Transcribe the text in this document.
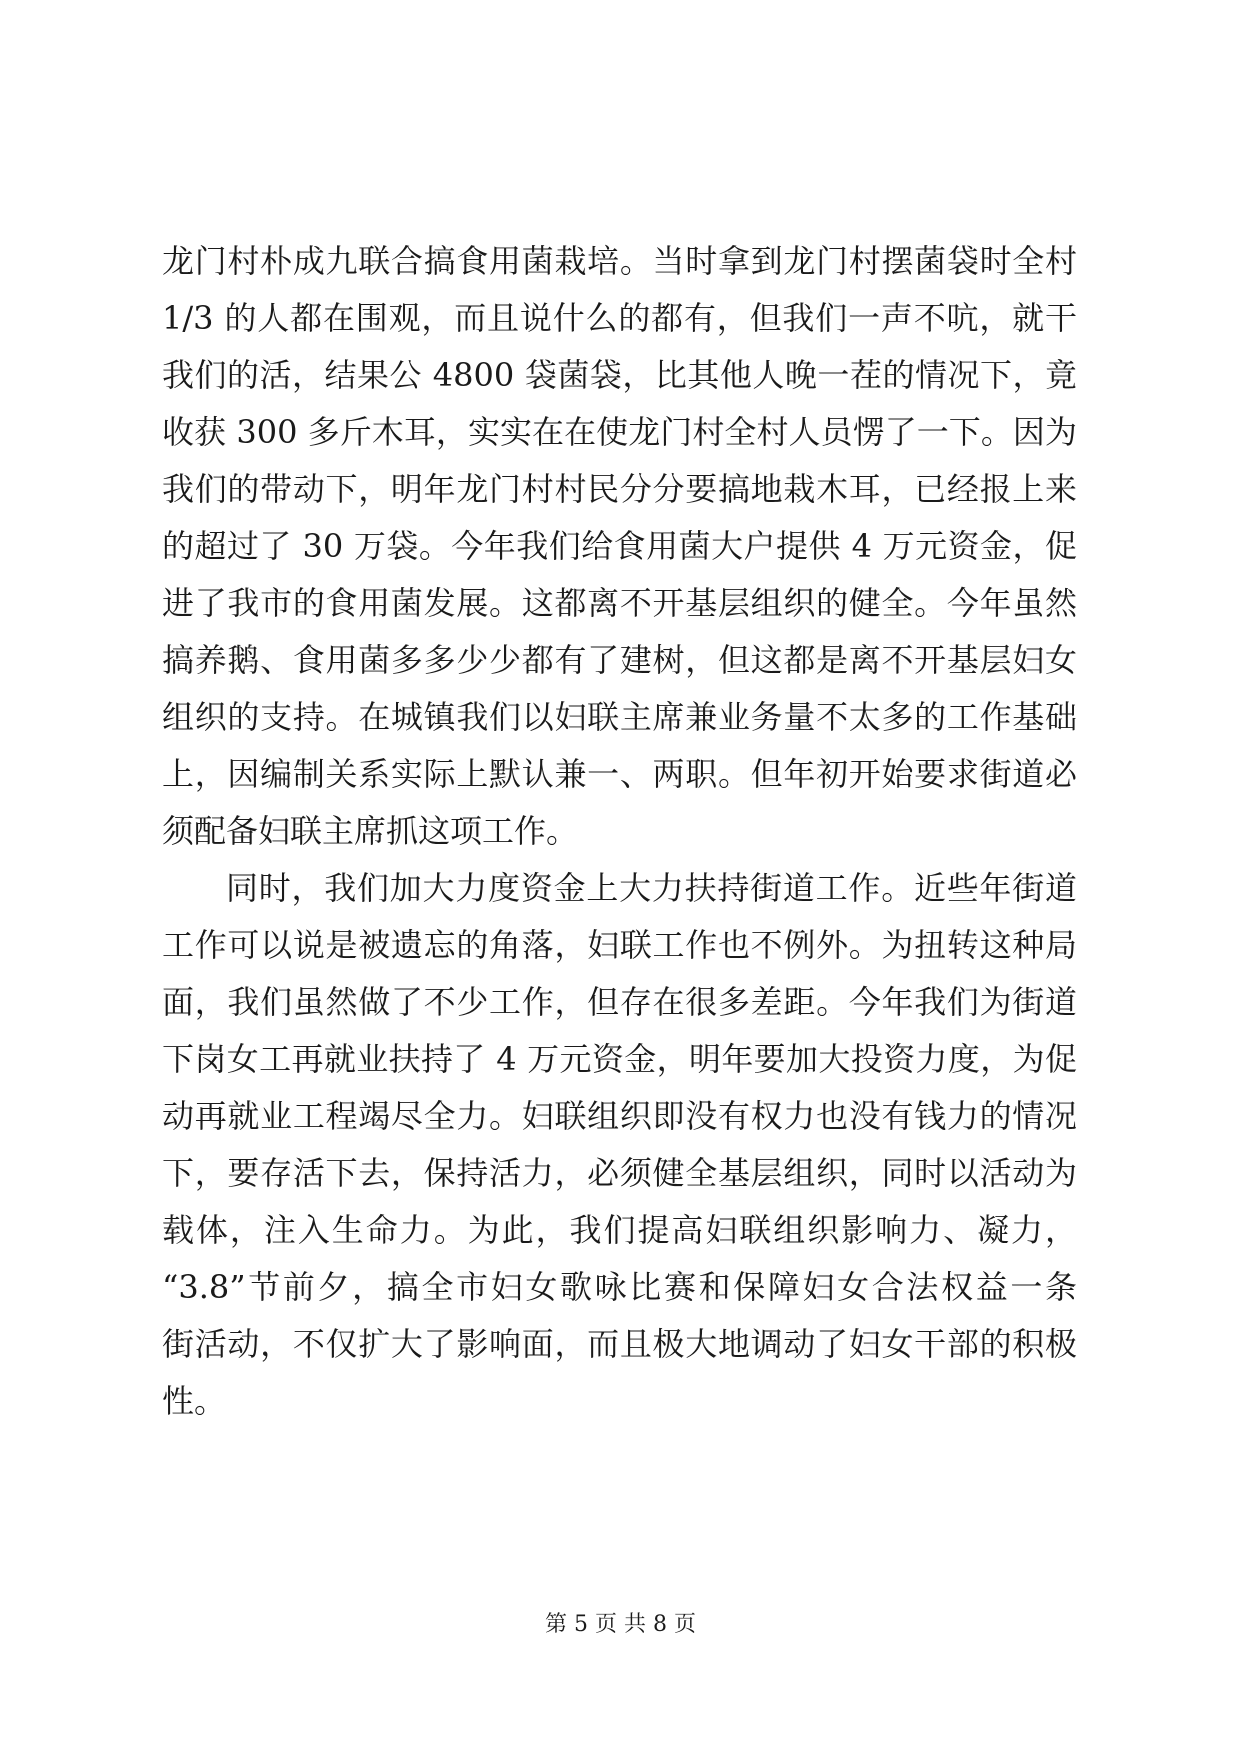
龙门村朴成九联合搞食用菌栽培。当时拿到龙门村摆菌袋时全村
1/3 的人都在围观，而且说什么的都有，但我们一声不吭，就干
我们的活，结果公 4800 袋菌袋，比其他人晚一茬的情况下，竟
收获 300 多斤木耳，实实在在使龙门村全村人员愣了一下。因为
我们的带动下，明年龙门村村民分分要搞地栽木耳，已经报上来
的超过了 30 万袋。今年我们给食用菌大户提供 4 万元资金，促
进了我市的食用菌发展。这都离不开基层组织的健全。今年虽然
搞养鹅、食用菌多多少少都有了建树，但这都是离不开基层妇女
组织的支持。在城镇我们以妇联主席兼业务量不太多的工作基础
上，因编制关系实际上默认兼一、两职。但年初开始要求街道必
须配备妇联主席抓这项工作。
同时，我们加大力度资金上大力扶持街道工作。近些年街道
工作可以说是被遗忘的角落，妇联工作也不例外。为扭转这种局
面，我们虽然做了不少工作，但存在很多差距。今年我们为街道
下岗女工再就业扶持了 4 万元资金，明年要加大投资力度，为促
动再就业工程竭尽全力。妇联组织即没有权力也没有钱力的情况
下，要存活下去，保持活力，必须健全基层组织，同时以活动为
载体，注入生命力。为此，我们提高妇联组织影响力、凝力，
“3.8”节前夕，搞全市妇女歌咏比赛和保障妇女合法权益一条
街活动，不仅扩大了影响面，而且极大地调动了妇女干部的积极
性。
第 5 页 共 8 页
